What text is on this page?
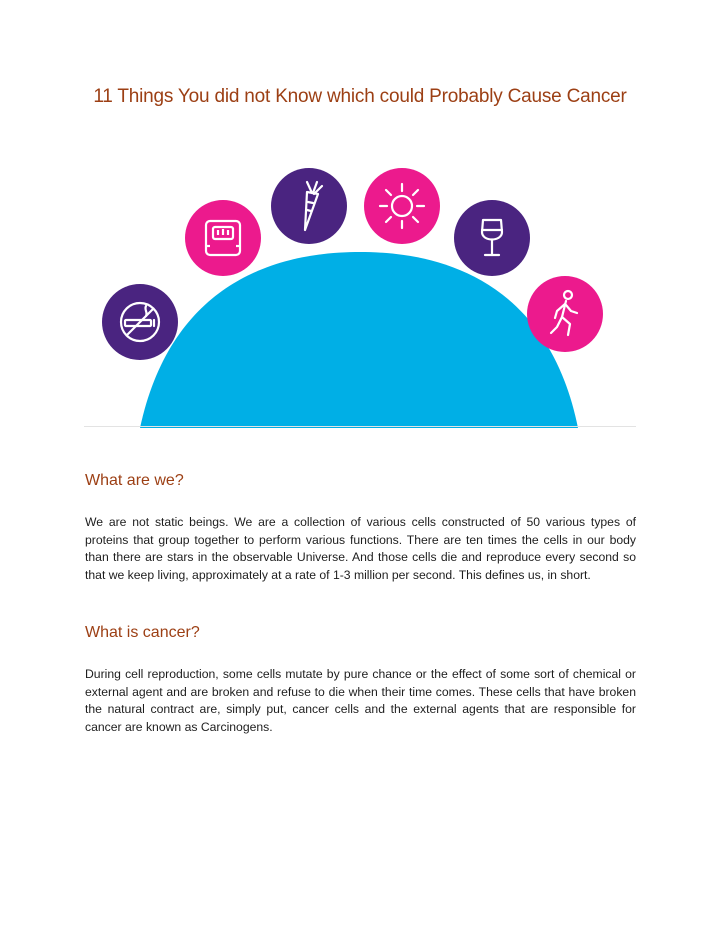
11 Things You did not Know which could Probably Cause Cancer
What are we?

We are not static beings. We are a collection of various cells constructed of 50 various types of proteins that group together to perform various functions. There are ten times the cells in our body than there are stars in the observable Universe. And those cells die and reproduce every second so that we keep living, approximately at a rate of 1-3 million per second. This defines us, in short.

What is cancer?

During cell reproduction, some cells mutate by pure chance or the effect of some sort of chemical or external agent and are broken and refuse to die when their time comes. These cells that have broken the natural contract are, simply put, cancer cells and the external agents that are responsible for cancer are known as Carcinogens.
